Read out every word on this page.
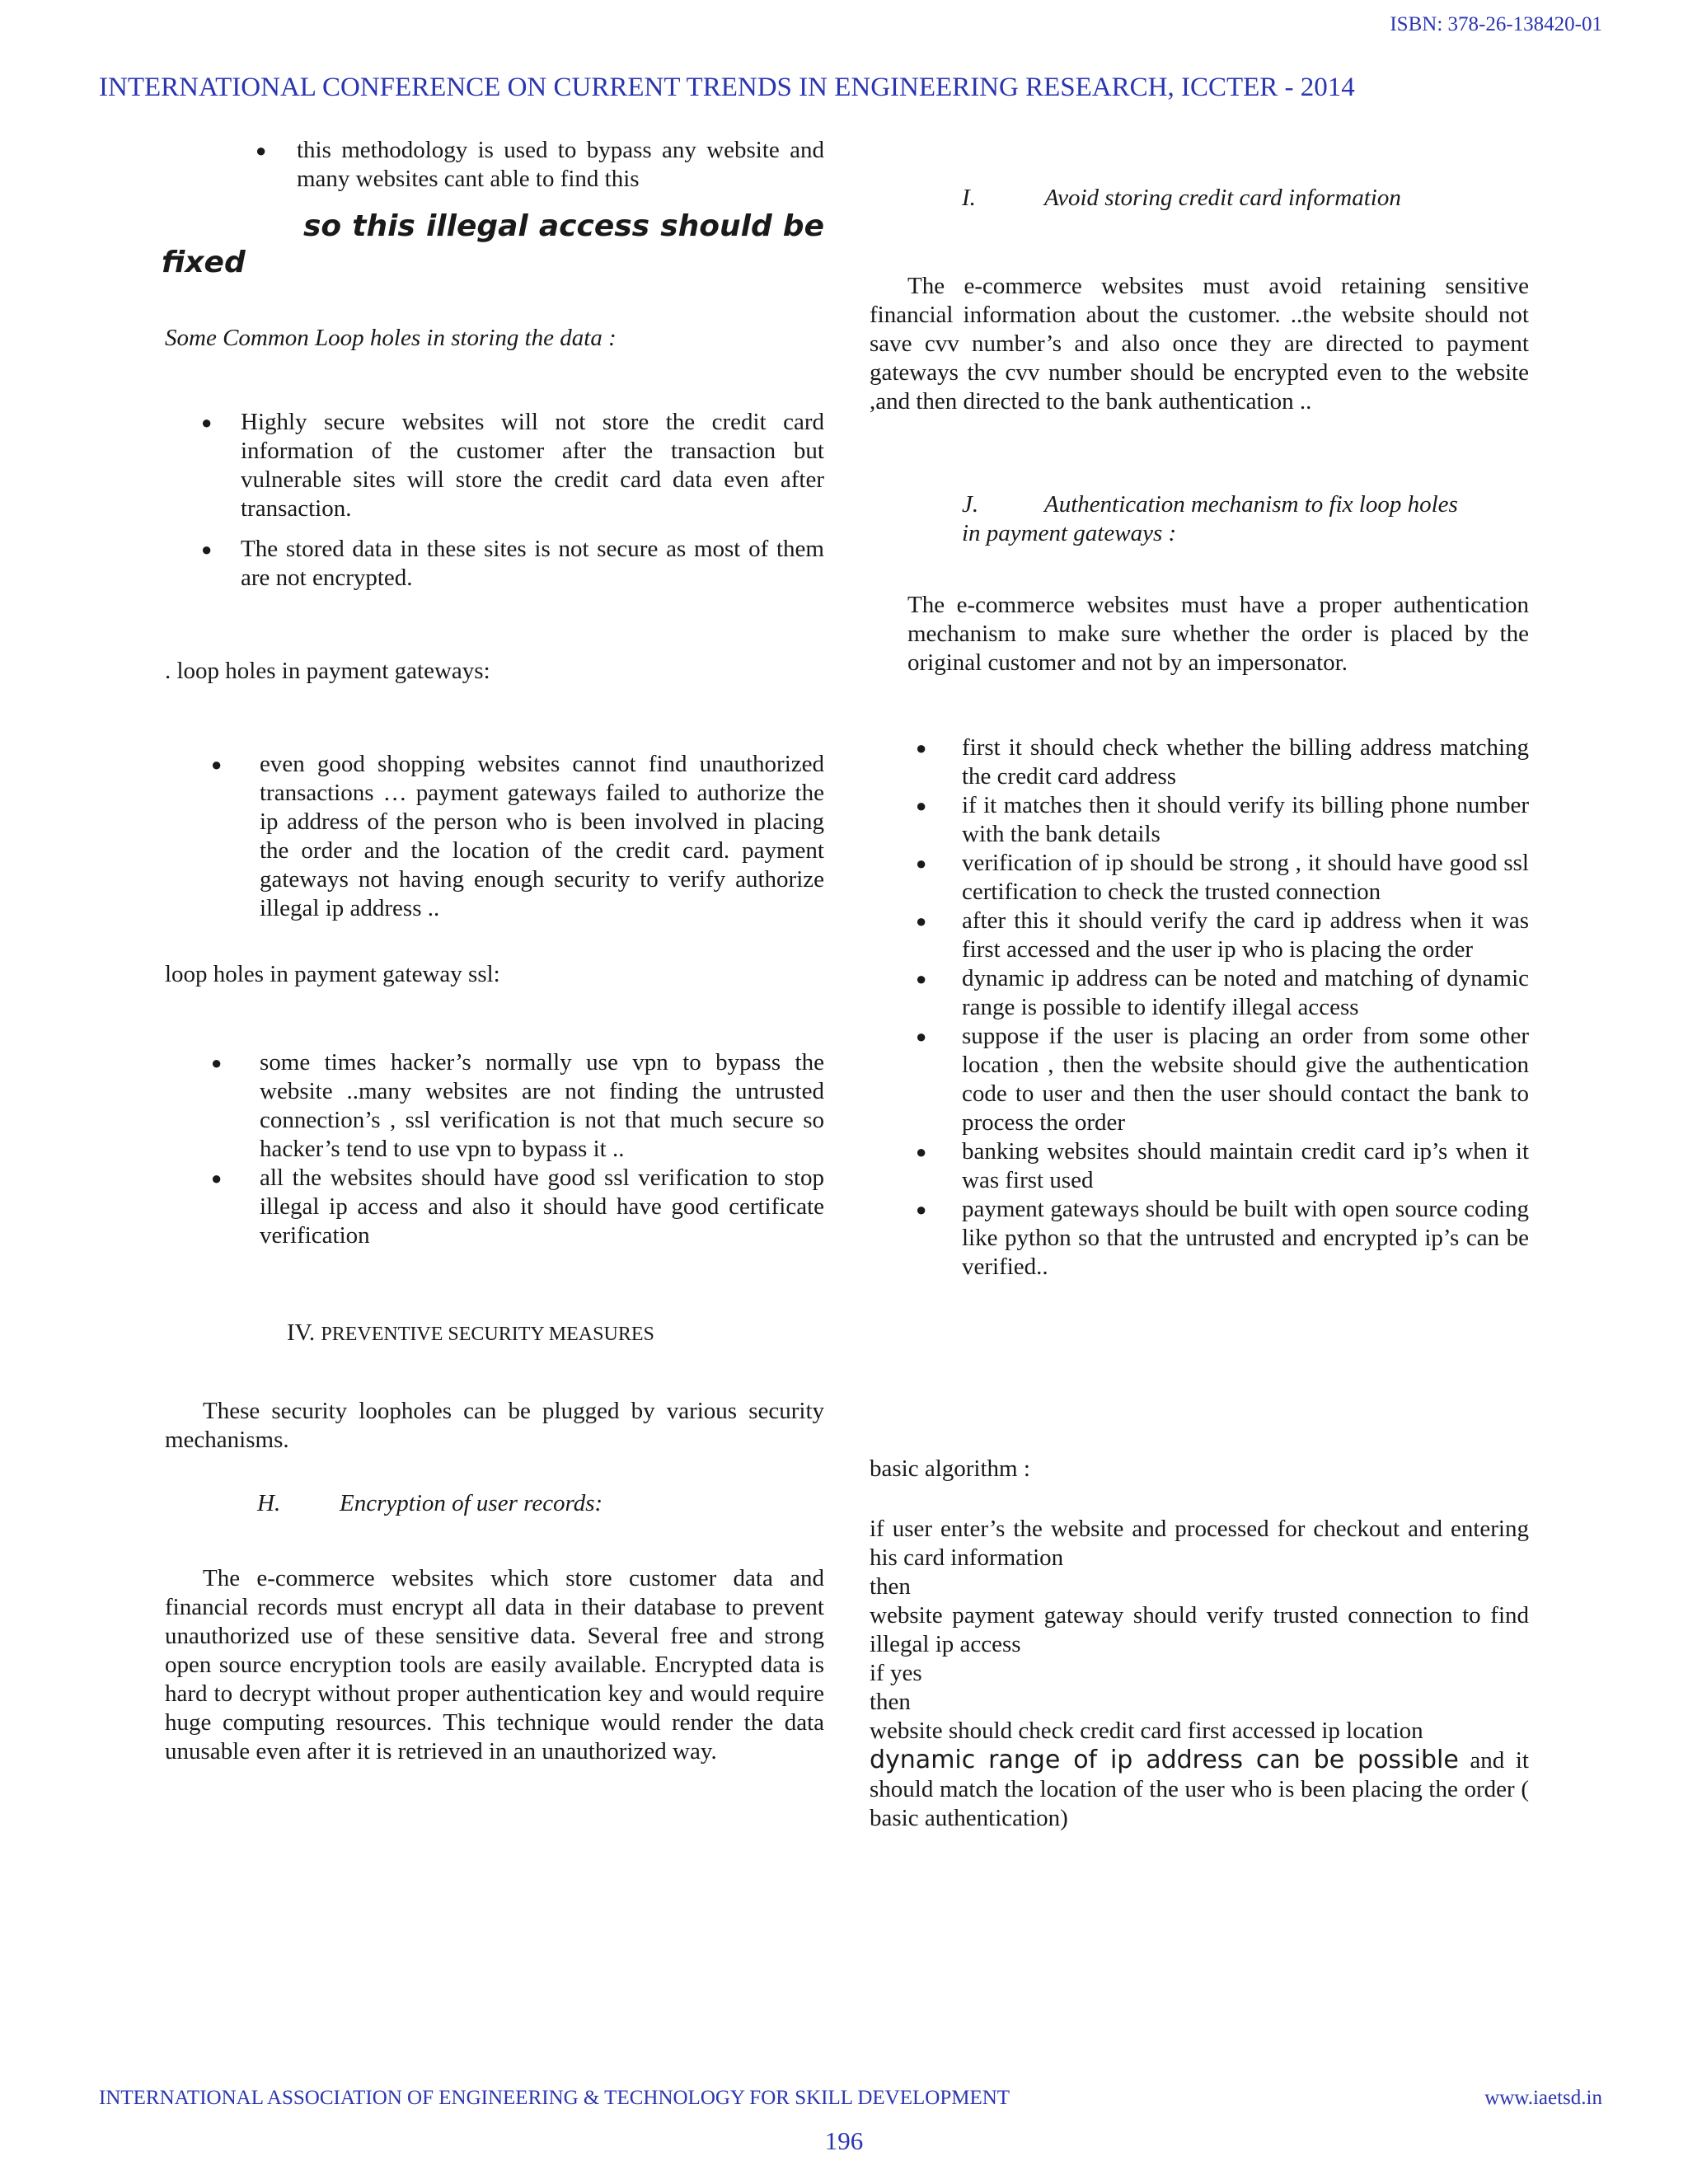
ISBN: 378-26-138420-01
INTERNATIONAL CONFERENCE ON CURRENT TRENDS IN ENGINEERING RESEARCH, ICCTER - 2014
● this methodology is used to bypass any website and many websites cant able to find this

so this illegal access should be

fixed

Some Common Loop holes in storing the data :

● Highly secure websites will not store the credit card information of the customer after the transaction but vulnerable sites will store the credit card data even after transaction.
● The stored data in these sites is not secure as most of them are not encrypted.

. loop holes in payment gateways:

● even good shopping websites cannot find unauthorized transactions … payment gateways failed to authorize the ip address of the person who is been involved in placing the order and the location of the credit card. payment gateways not having enough security to verify authorize illegal ip address ..

loop holes in payment gateway ssl:

● some times hacker’s normally use vpn to bypass the website ..many websites are not finding the untrusted connection’s , ssl verification is not that much secure so hacker’s tend to use vpn to bypass it ..
● all the websites should have good ssl verification to stop illegal ip access and also it should have good certificate verification

IV. PREVENTIVE SECURITY MEASURES

These security loopholes can be plugged by various security mechanisms.

H. Encryption of user records:

The e-commerce websites which store customer data and financial records must encrypt all data in their database to prevent unauthorized use of these sensitive data. Several free and strong open source encryption tools are easily available. Encrypted data is hard to decrypt without proper authentication key and would require huge computing resources. This technique would render the data unusable even after it is retrieved in an unauthorized way.

I.	Avoid storing credit card information

The e-commerce websites must avoid retaining sensitive financial information about the customer. ..the website should not save cvv number’s and also once they are directed to payment gateways the cvv number should be encrypted even to the website ,and then directed to the bank authentication ..

J.	Authentication mechanism to fix loop holes

in payment gateways :

The e-commerce websites must have a proper authentication mechanism to make sure whether the order is placed by the original customer and not by an impersonator.

● first it should check whether the billing address matching the credit card address
● if it matches then it should verify its billing phone number with the bank details
● verification of ip should be strong , it should have good ssl certification to check the trusted connection
● after this it should verify the card ip address when it was first accessed and the user ip who is placing the order
● dynamic ip address can be noted and matching of dynamic range is possible to identify illegal access
● suppose if the user is placing an order from some other location , then the website should give the authentication code to user and then the user should contact the bank to process the order
● banking websites should maintain credit card ip’s when it was first used
● payment gateways should be built with open source coding like python so that the untrusted and encrypted ip’s can be verified..

basic algorithm :

if user enter’s the website and processed for checkout and entering his card information

then

website payment gateway should verify trusted connection to find illegal ip access

if yes

then

website should check credit card first accessed ip location

dynamic range of ip address can be possible and it should match the location of the user who is been placing the order ( basic authentication)

INTERNATIONAL ASSOCIATION OF ENGINEERING & TECHNOLOGY FOR SKILL DEVELOPMENT	www.iaetsd.in
196
